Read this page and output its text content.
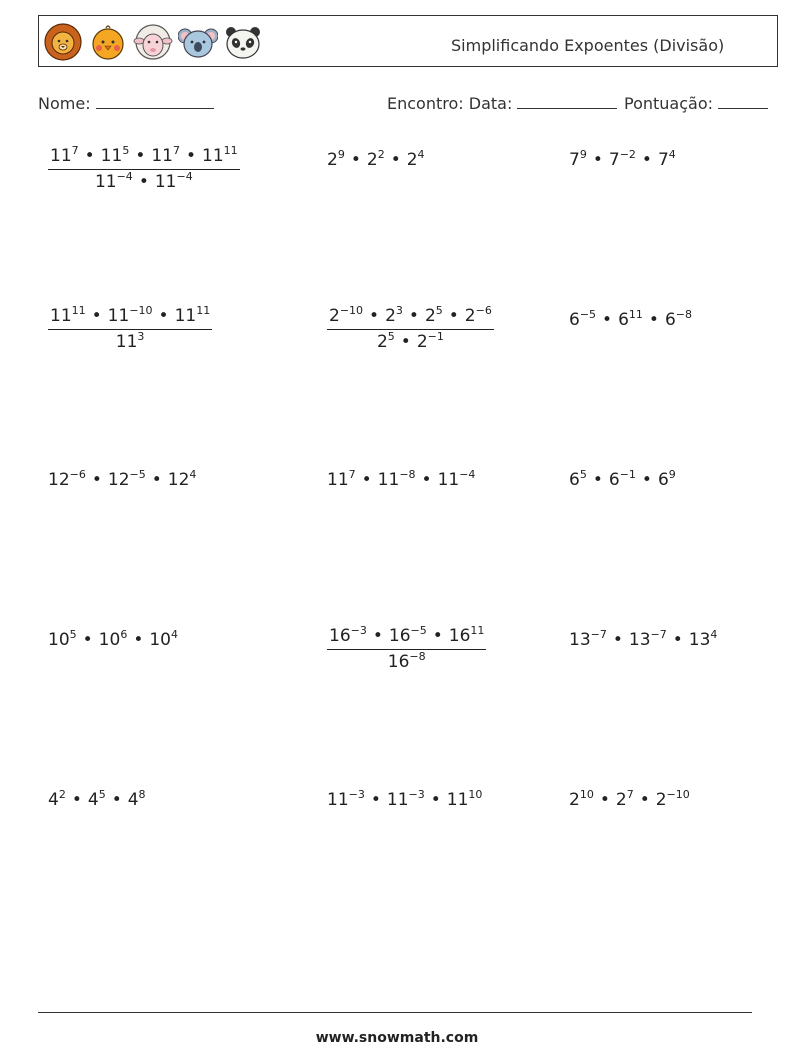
Simplificando Expoentes (Divisão)
Nome:	Encontro: Data:	Pontuação:
$\frac{11^7 • 11^5 • 11^7 • 11^{11}}{11^{-4} • 11^{-4}}$	$2^9$ • $2^2$ • $2^4$	$7^9$ • $7^{-2}$ • $7^4$
$\frac{11^{11} • 11^{-10} • 11^{11}}{11^3}$	$\frac{2^{-10} • 2^3 • 2^5 • 2^{-6}}{2^5 • 2^{-1}}$	$6^{-5}$ • $6^{11}$ • $6^{-8}$
$12^{-6}$ • $12^{-5}$ • $12^4$	$11^7$ • $11^{-8}$ • $11^{-4}$	$6^5$ • $6^{-1}$ • $6^9$
$10^5$ • $10^6$ • $10^4$	$\frac{16^{-3} • 16^{-5} • 16^{11}}{16^{-8}}$	$13^{-7}$ • $13^{-7}$ • $13^4$
$4^2$ • $4^5$ • $4^8$	$11^{-3}$ • $11^{-3}$ • $11^{10}$	$2^{10}$ • $2^7$ • $2^{-10}$
www.snowmath.com
